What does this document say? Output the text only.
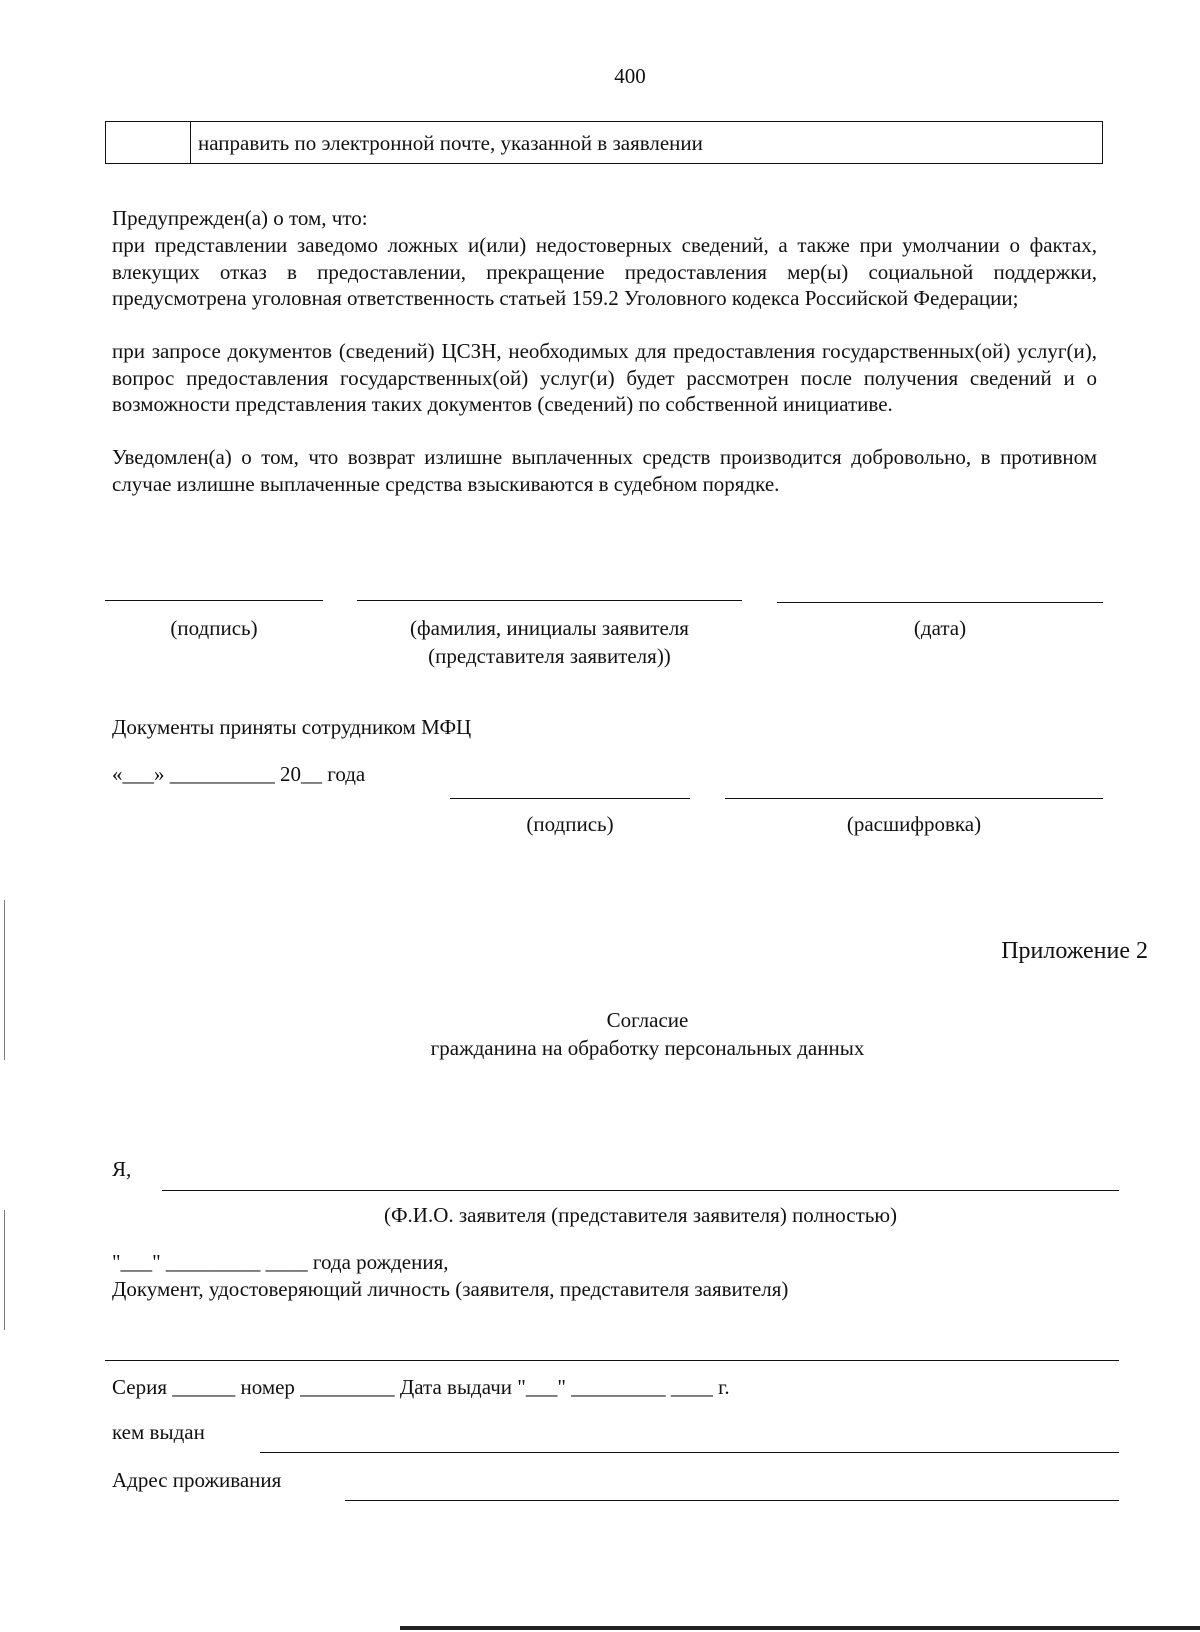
400
направить по электронной почте, указанной в заявлении
Предупрежден(а) о том, что:
при представлении заведомо ложных и(или) недостоверных сведений, а также при умолчании о фактах, влекущих отказ в предоставлении, прекращение предоставления мер(ы) социальной поддержки, предусмотрена уголовная ответственность статьей 159.2 Уголовного кодекса Российской Федерации;
при запросе документов (сведений) ЦСЗН, необходимых для предоставления государственных(ой) услуг(и), вопрос предоставления государственных(ой) услуг(и) будет рассмотрен после получения сведений и о возможности представления таких документов (сведений) по собственной инициативе.
Уведомлен(а) о том, что возврат излишне выплаченных средств производится добровольно, в противном случае излишне выплаченные средства взыскиваются в судебном порядке.
(подпись)	(фамилия, инициалы заявителя
(представителя заявителя))
(дата)
Документы приняты сотрудником МФЦ
«___» __________ 20__ года
(подпись)	(расшифровка)
Приложение 2
Согласие
гражданина на обработку персональных данных
Я,
(Ф.И.О. заявителя (представителя заявителя) полностью)
"___" _________ ____ года рождения,
Документ, удостоверяющий личность (заявителя, представителя заявителя)
Серия ______ номер _________ Дата выдачи "___" _________ ____ г.
кем выдан
Адрес проживания
